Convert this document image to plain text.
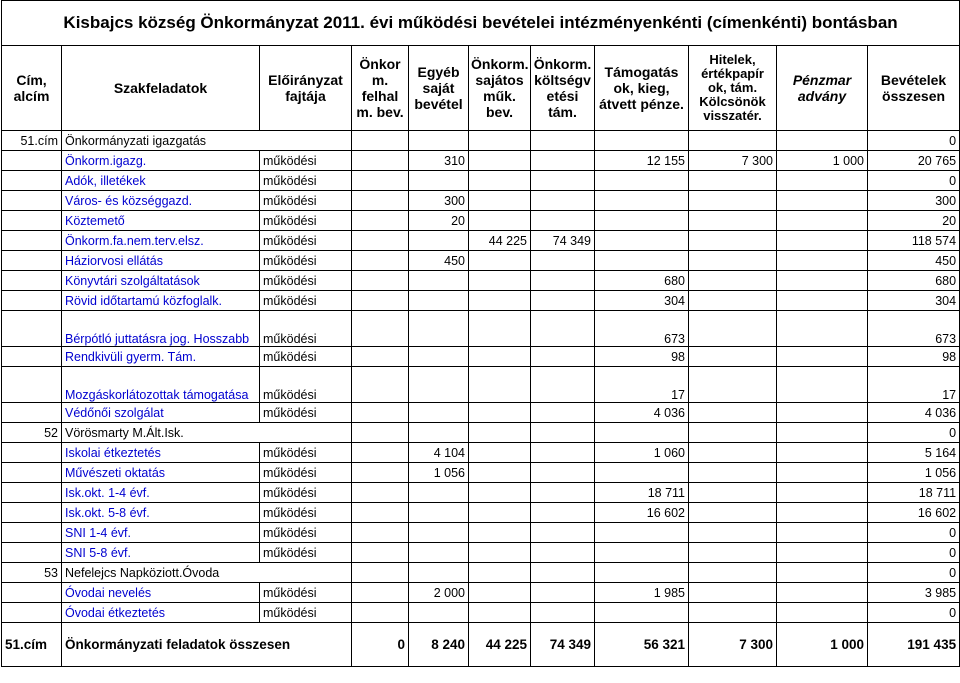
Kisbajcs község Önkormányzat 2011. évi működési bevételei intézményenkénti (címenkénti) bontásban										
Cím, alcím	Szakfeladatok	Előirányzat fajtája	Önkor m. felhal m. bev.	Egyéb saját bevétel	Önkorm. sajátos műk. bev.	Önkorm. költségv etési tám.	Támogatás ok, kieg, átvett pénze.	Hitelek, értékpapír ok, tám. Kölcsönök visszatér.	Pénzmar advány	Bevételek összesen
51.cím	Önkormányzati igazgatás									0
	Önkorm.igazg.	működési		310			12 155	7 300	1 000	20 765
	Adók, illetékek	működési								0
	Város- és községgazd.	működési		300						300
	Köztemető	működési		20						20
	Önkorm.fa.nem.terv.elsz.	működési			44 225	74 349				118 574
	Háziorvosi ellátás	működési		450						450
	Könyvtári szolgáltatások	működési					680			680
	Rövid időtartamú közfoglalk.	működési					304			304
	Bérpótló juttatásra jog. Hosszabb	működési					673			673
	Rendkivüli gyerm. Tám.	működési					98			98
	Mozgáskorlátozottak támogatása	működési					17			17
	Védőnői szolgálat	működési					4 036			4 036
52	Vörösmarty M.Ált.Isk.									0
	Iskolai étkeztetés	működési		4 104			1 060			5 164
	Művészeti oktatás	működési		1 056						1 056
	Isk.okt. 1-4 évf.	működési					18 711			18 711
	Isk.okt. 5-8 évf.	működési					16 602			16 602
	SNI 1-4 évf.	működési								0
	SNI 5-8 évf.	működési								0
53	Nefelejcs Napköziott.Óvoda									0
	Óvodai nevelés	működési		2 000			1 985			3 985
	Óvodai étkeztetés	működési								0
51.cím	Önkormányzati feladatok összesen		0	8 240	44 225	74 349	56 321	7 300	1 000	191 435
